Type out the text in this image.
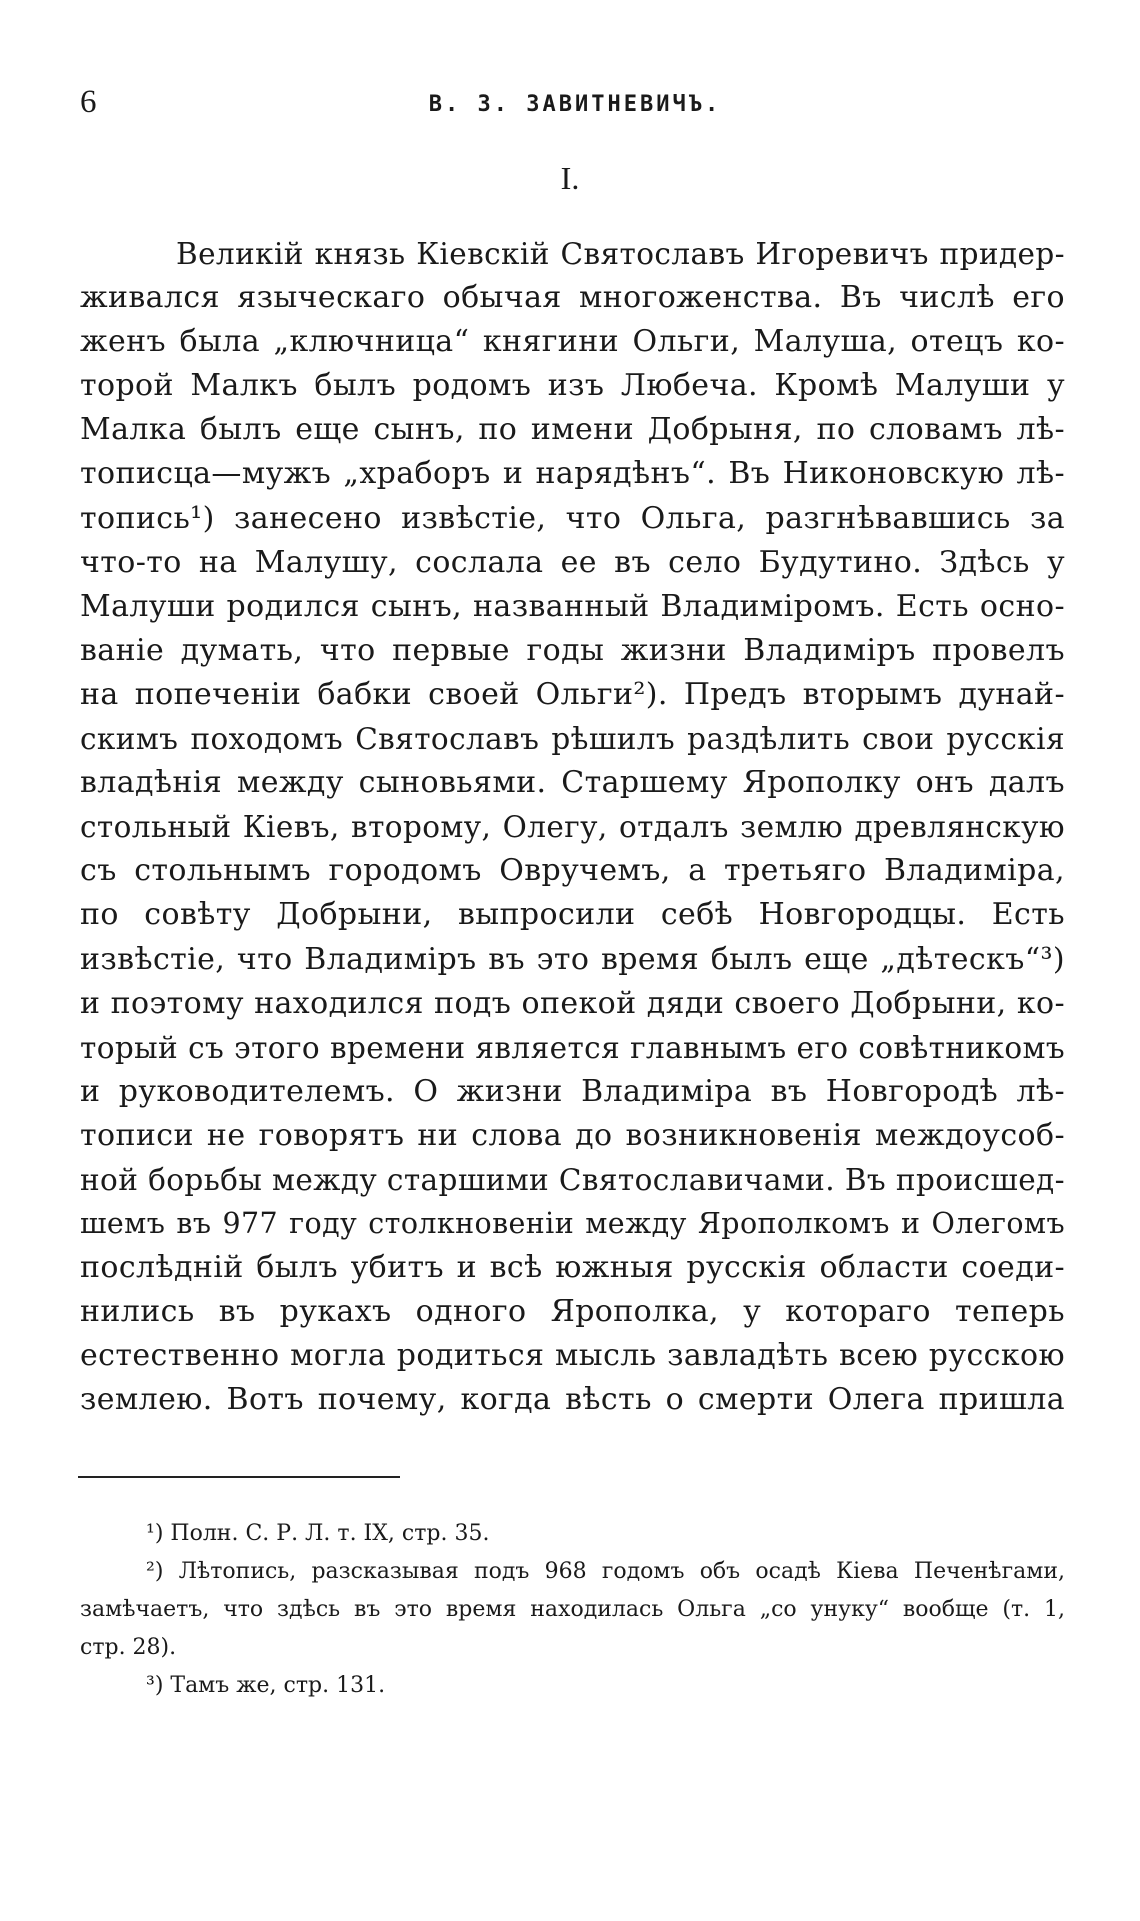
6	В. З. ЗАВИТНЕВИЧЪ.
I.
Великій князь Кіевскій Святославъ Игоревичъ придер-
живался языческаго обычая многоженства. Въ числѣ его
женъ была „ключница“ княгини Ольги, Малуша, отецъ ко-
торой Малкъ былъ родомъ изъ Любеча. Кромѣ Малуши у
Малка былъ еще сынъ, по имени Добрыня, по словамъ лѣ-
тописца—мужъ „храборъ и нарядѣнъ“. Въ Никоновскую лѣ-
топись¹) занесено извѣстіе, что Ольга, разгнѣвавшись за
что-то на Малушу, сослала ее въ село Будутино. Здѣсь у
Малуши родился сынъ, названный Владиміромъ. Есть осно-
ваніе думать, что первые годы жизни Владиміръ провелъ
на попеченіи бабки своей Ольги²). Предъ вторымъ дунай-
скимъ походомъ Святославъ рѣшилъ раздѣлить свои русскія
владѣнія между сыновьями. Старшему Ярополку онъ далъ
стольный Кіевъ, второму, Олегу, отдалъ землю древлянскую
съ стольнымъ городомъ Овручемъ, а третьяго Владиміра,
по совѣту Добрыни, выпросили себѣ Новгородцы. Есть
извѣстіе, что Владиміръ въ это время былъ еще „дѣтескъ“³)
и поэтому находился подъ опекой дяди своего Добрыни, ко-
торый съ этого времени является главнымъ его совѣтникомъ
и руководителемъ. О жизни Владиміра въ Новгородѣ лѣ-
тописи не говорятъ ни слова до возникновенія междоусоб-
ной борьбы между старшими Святославичами. Въ происшед-
шемъ въ 977 году столкновеніи между Ярополкомъ и Олегомъ
послѣдній былъ убитъ и всѣ южныя русскія области соеди-
нились въ рукахъ одного Ярополка, у котораго теперь
естественно могла родиться мысль завладѣть всею русскою
землею. Вотъ почему, когда вѣсть о смерти Олега пришла
¹) Полн. С. Р. Л. т. IX, стр. 35.
²) Лѣтопись, разсказывая подъ 968 годомъ объ осадѣ Кіева Печенѣгами,
замѣчаетъ, что здѣсь въ это время находилась Ольга „со унуку“ вообще (т. 1,
стр. 28).
³) Тамъ же, стр. 131.
